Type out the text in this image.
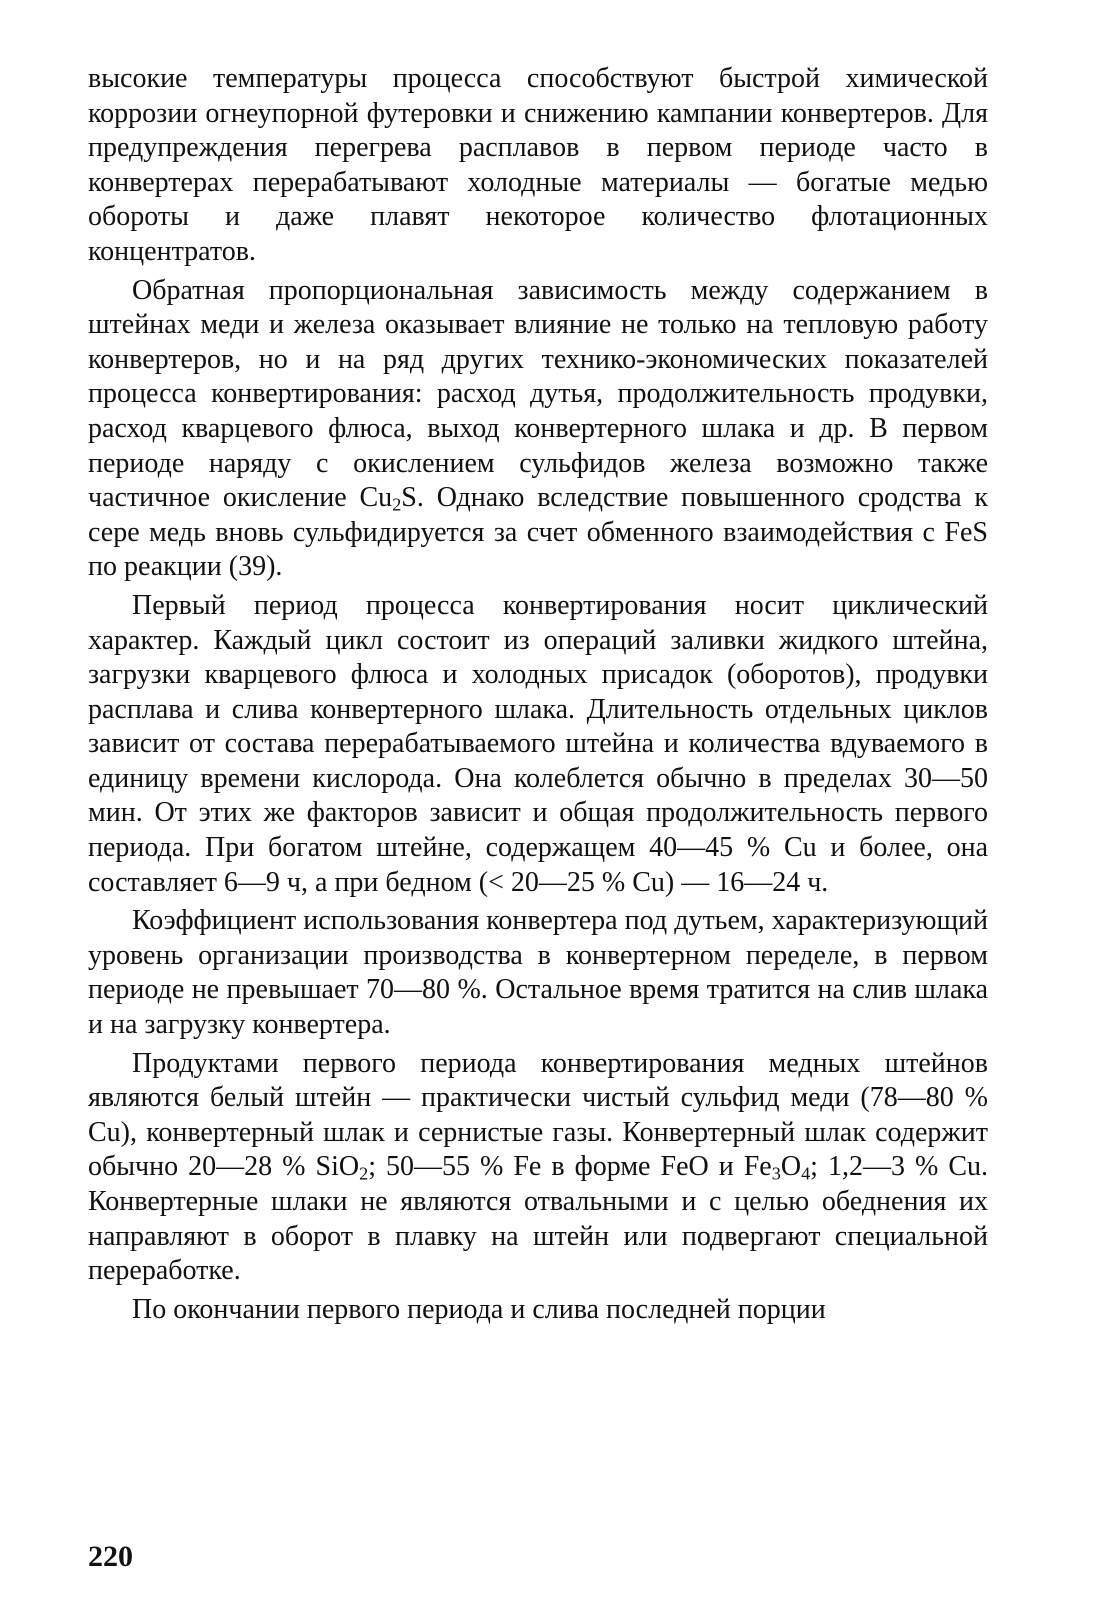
высокие температуры процесса способствуют быстрой химической коррозии огнеупорной футеровки и снижению кампании конвертеров. Для предупреждения перегрева расплавов в первом периоде часто в конвертерах перерабатывают холодные материалы — богатые медью обороты и даже плавят некоторое количество флотационных концентратов.

Обратная пропорциональная зависимость между содержанием в штейнах меди и железа оказывает влияние не только на тепловую работу конвертеров, но и на ряд других технико-экономических показателей процесса конвертирования: расход дутья, продолжительность продувки, расход кварцевого флюса, выход конвертерного шлака и др. В первом периоде наряду с окислением сульфидов железа возможно также частичное окисление $Cu_2S$. Однако вследствие повышенного сродства к сере медь вновь сульфидируется за счет обменного взаимодействия с FeS по реакции (39).

Первый период процесса конвертирования носит циклический характер. Каждый цикл состоит из операций заливки жидкого штейна, загрузки кварцевого флюса и холодных присадок (оборотов), продувки расплава и слива конвертерного шлака. Длительность отдельных циклов зависит от состава перерабатываемого штейна и количества вдуваемого в единицу времени кислорода. Она колеблется обычно в пределах 30—50 мин. От этих же факторов зависит и общая продолжительность первого периода. При богатом штейне, содержащем 40—45 % Cu и более, она составляет 6—9 ч, а при бедном (< 20—25 % Cu) — 16—24 ч.

Коэффициент использования конвертера под дутьем, характеризующий уровень организации производства в конвертерном переделе, в первом периоде не превышает 70—80 %. Остальное время тратится на слив шлака и на загрузку конвертера.

Продуктами первого периода конвертирования медных штейнов являются белый штейн — практически чистый сульфид меди (78—80 % Cu), конвертерный шлак и сернистые газы. Конвертерный шлак содержит обычно 20—28 % SiO$_2$; 50—55 % Fe в форме FeO и $Fe_3O_4$; 1,2—3 % Cu. Конвертерные шлаки не являются отвальными и с целью обеднения их направляют в оборот в плавку на штейн или подвергают специальной переработке.

По окончании первого периода и слива последней порции

220
